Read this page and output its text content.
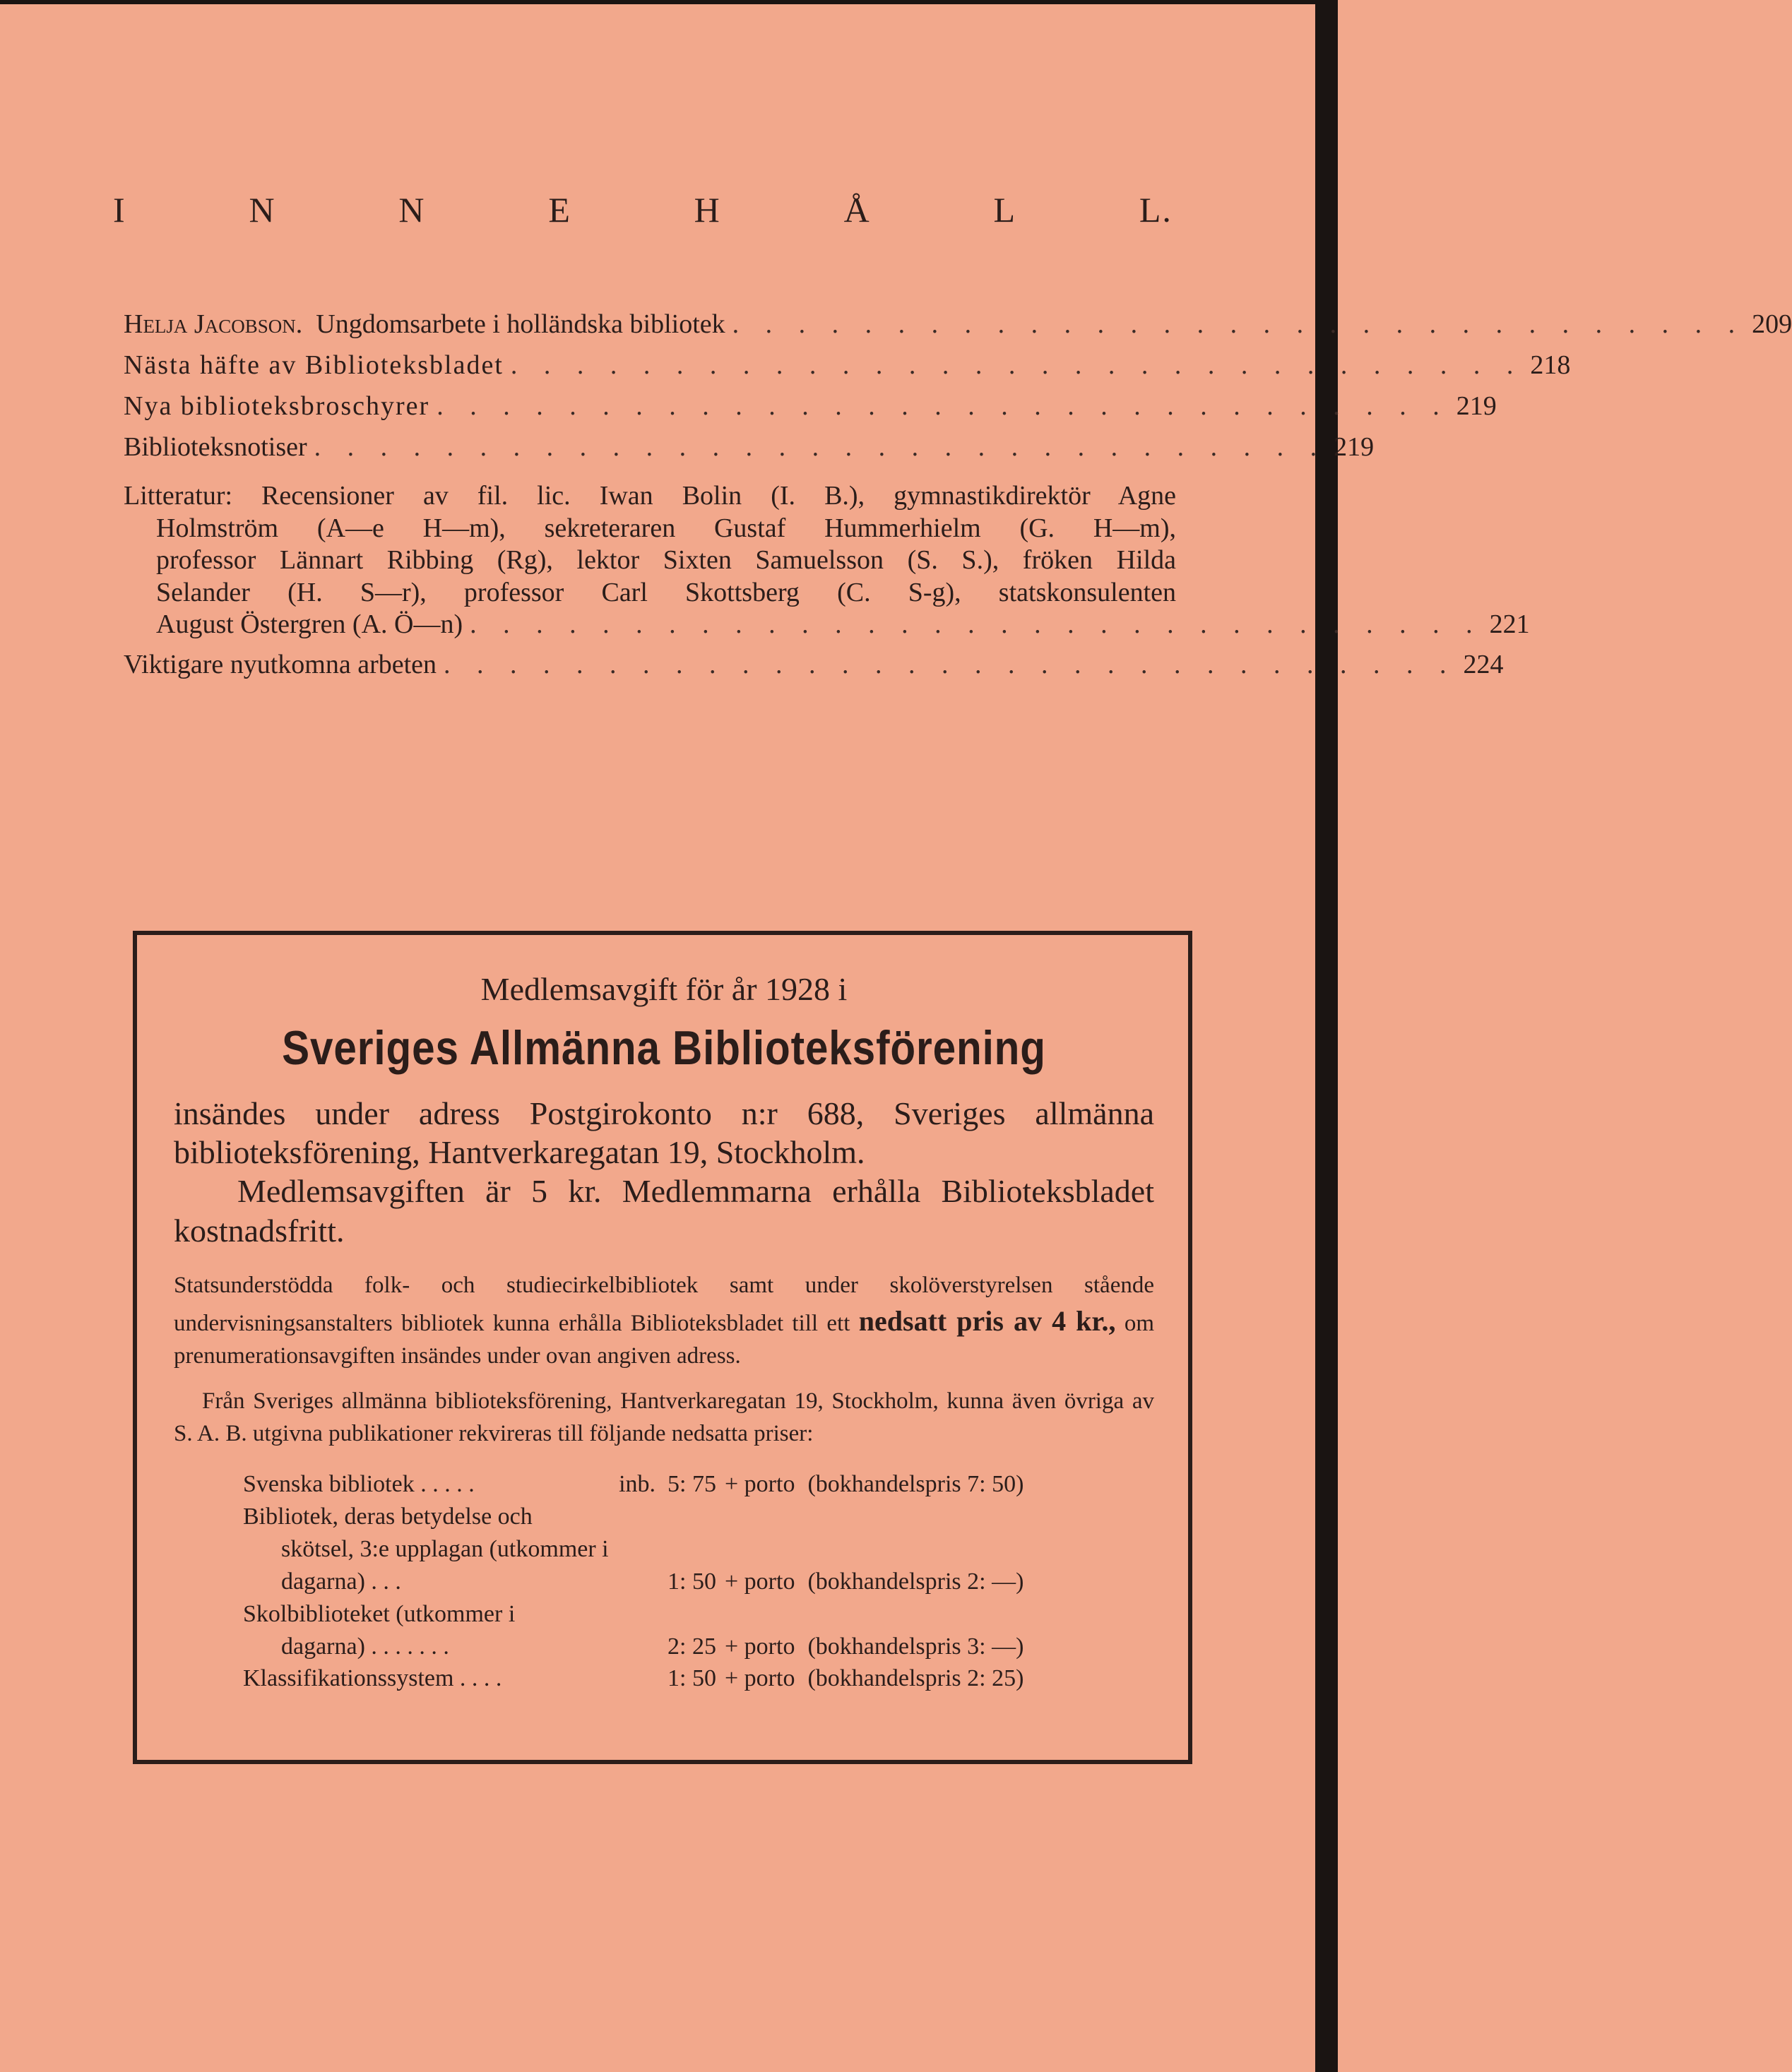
I	N	N	E	H	Å	L	L.
Helja Jacobson. Ungdomsarbete i holländska bibliotek . . . . . . . . . . . . . . . . . . . . . . . . . . . . . . . 209
Nästa häfte av Biblioteksbladet . . . . . . . . . . . . . . . . . . . . . . . . . . . . . . . 218
Nya biblioteksbroschyrer . . . . . . . . . . . . . . . . . . . . . . . . . . . . . . . 219
Biblioteksnotiser . . . . . . . . . . . . . . . . . . . . . . . . . . . . . . . 219
Litteratur: Recensioner av fil. lic. Iwan Bolin (I. B.), gymnastikdirektör Agne
Holmström (A—e H—m), sekreteraren Gustaf Hummerhielm (G. H—m),
professor Lännart Ribbing (Rg), lektor Sixten Samuelsson (S. S.), fröken Hilda
Selander (H. S—r), professor Carl Skottsberg (C. S-g), statskonsulenten
August Östergren (A. Ö—n) . . . . . . . . . . . . . . . . . . . . . . . . . . . . . . . 221
Viktigare nyutkomna arbeten . . . . . . . . . . . . . . . . . . . . . . . . . . . . . . . 224
Medlemsavgift för år 1928 i
Sveriges Allmänna Biblioteksförening
insändes under adress Postgirokonto n:r 688, Sveriges allmänna biblioteksförening, Hantverkaregatan 19, Stockholm.
Medlemsavgiften är 5 kr. Medlemmarna erhålla Biblioteksbladet kostnadsfritt.
Statsunderstödda folk- och studiecirkelbibliotek samt under skolöverstyrelsen stående undervisningsanstalters bibliotek kunna erhålla Biblioteksbladet till ett nedsatt pris av 4 kr., om prenumerationsavgiften insändes under ovan angiven adress.
Från Sveriges allmänna biblioteksförening, Hantverkaregatan 19, Stockholm, kunna även övriga av S. A. B. utgivna publikationer rekvireras till följande nedsatta priser:
Svenska bibliotek . . . . .	inb. 5: 75 + porto (bokhandelspris 7: 50)
Bibliotek, deras betydelse och
skötsel, 3:e upplagan (utkommer i dagarna) . . .	1: 50 + porto (bokhandelspris 2: —)
Skolbiblioteket (utkommer i
dagarna) . . . . . . .	2: 25 + porto (bokhandelspris 3: —)
Klassifikationssystem . . . .	1: 50 + porto (bokhandelspris 2: 25)
